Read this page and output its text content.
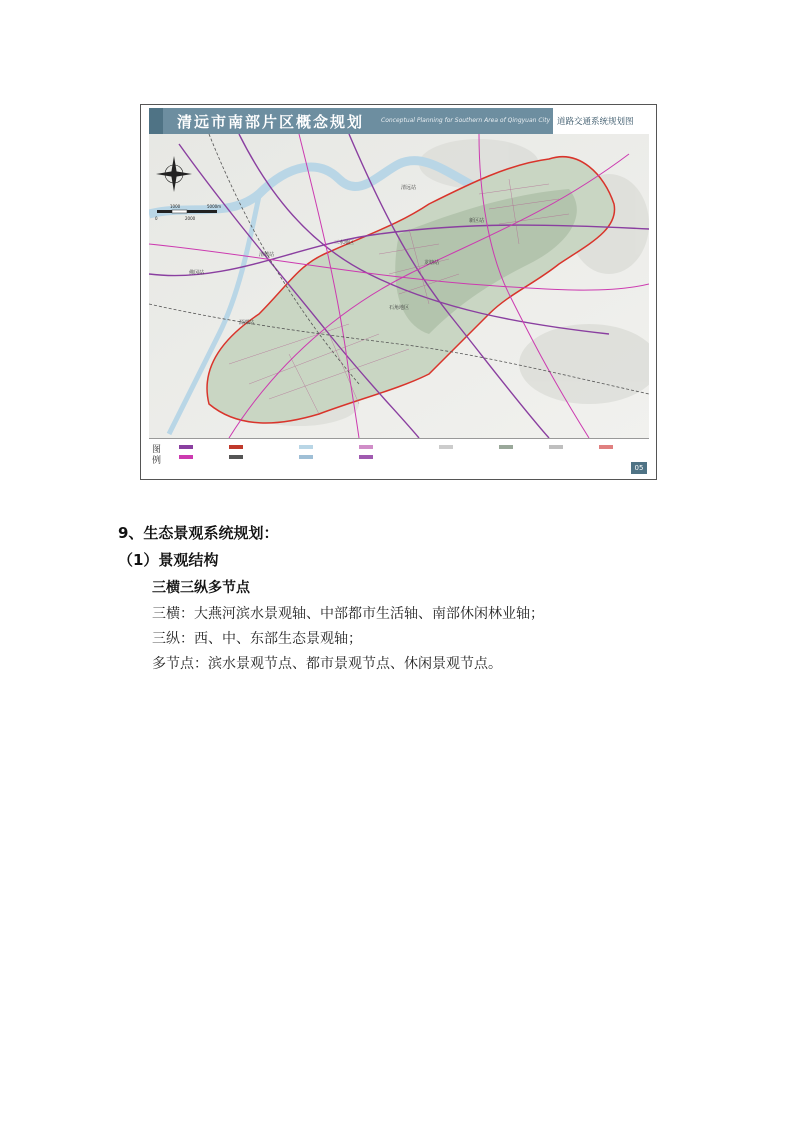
清远市南部片区概念规划	Conceptual Planning for Southern Area of Qingyuan City 道路交通系统规划图
0
1000
2000
5000m
清远站
三水地区
新区站
石角地区
龙塘站
源潭站
佛冈站
清城站
图例
05
9、生态景观系统规划：
（1）景观结构
三横三纵多节点
三横：大燕河滨水景观轴、中部都市生活轴、南部休闲林业轴；
三纵：西、中、东部生态景观轴；
多节点：滨水景观节点、都市景观节点、休闲景观节点。
